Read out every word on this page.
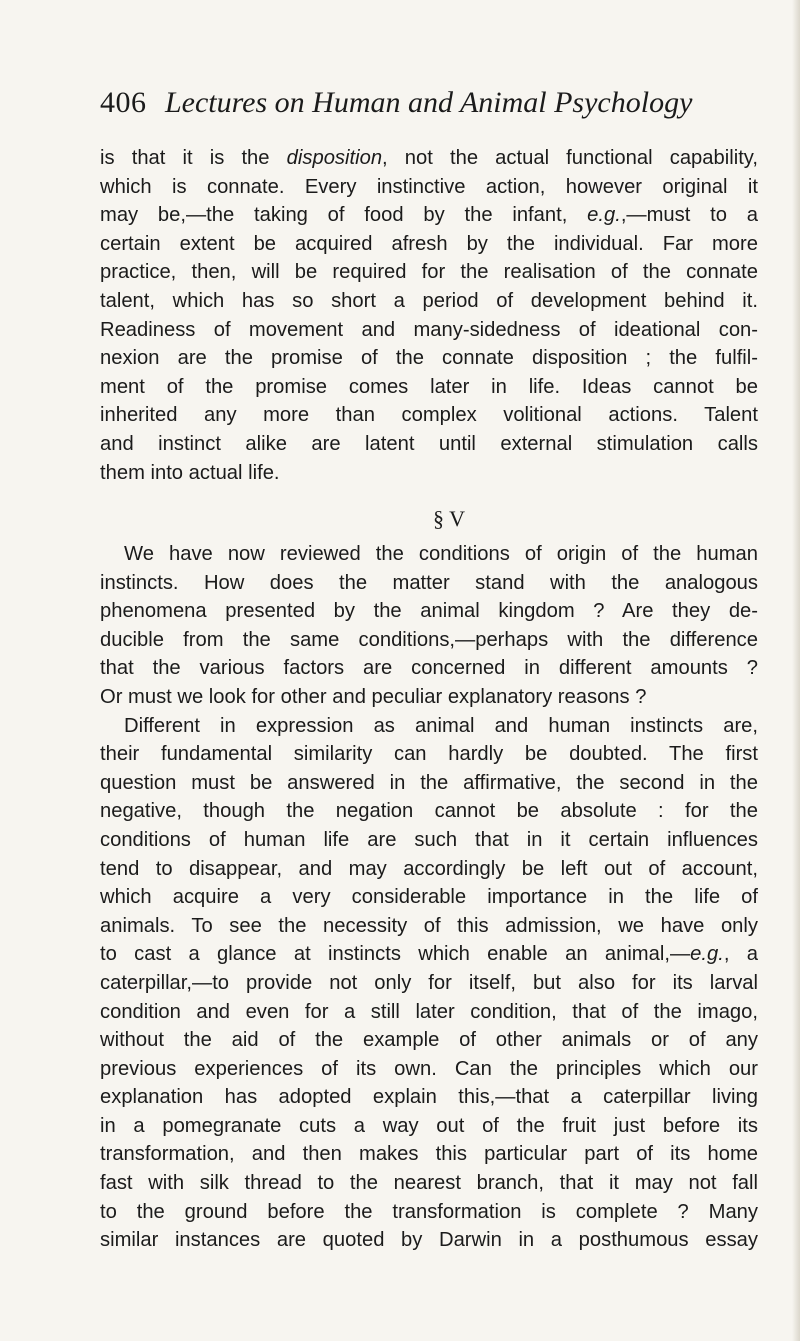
406 Lectures on Human and Animal Psychology
is that it is the disposition, not the actual functional capability,
which is connate. Every instinctive action, however original it
may be,—the taking of food by the infant, e.g.,—must to a
certain extent be acquired afresh by the individual. Far more
practice, then, will be required for the realisation of the connate
talent, which has so short a period of development behind it.
Readiness of movement and many-sidedness of ideational con-
nexion are the promise of the connate disposition ; the fulfil-
ment of the promise comes later in life. Ideas cannot be
inherited any more than complex volitional actions. Talent
and instinct alike are latent until external stimulation calls
them into actual life.
§ V
We have now reviewed the conditions of origin of the human
instincts. How does the matter stand with the analogous
phenomena presented by the animal kingdom ? Are they de-
ducible from the same conditions,—perhaps with the difference
that the various factors are concerned in different amounts ?
Or must we look for other and peculiar explanatory reasons ?
Different in expression as animal and human instincts are,
their fundamental similarity can hardly be doubted. The first
question must be answered in the affirmative, the second in the
negative, though the negation cannot be absolute : for the
conditions of human life are such that in it certain influences
tend to disappear, and may accordingly be left out of account,
which acquire a very considerable importance in the life of
animals. To see the necessity of this admission, we have only
to cast a glance at instincts which enable an animal,—e.g., a
caterpillar,—to provide not only for itself, but also for its larval
condition and even for a still later condition, that of the imago,
without the aid of the example of other animals or of any
previous experiences of its own. Can the principles which our
explanation has adopted explain this,—that a caterpillar living
in a pomegranate cuts a way out of the fruit just before its
transformation, and then makes this particular part of its home
fast with silk thread to the nearest branch, that it may not fall
to the ground before the transformation is complete ? Many
similar instances are quoted by Darwin in a posthumous essay
